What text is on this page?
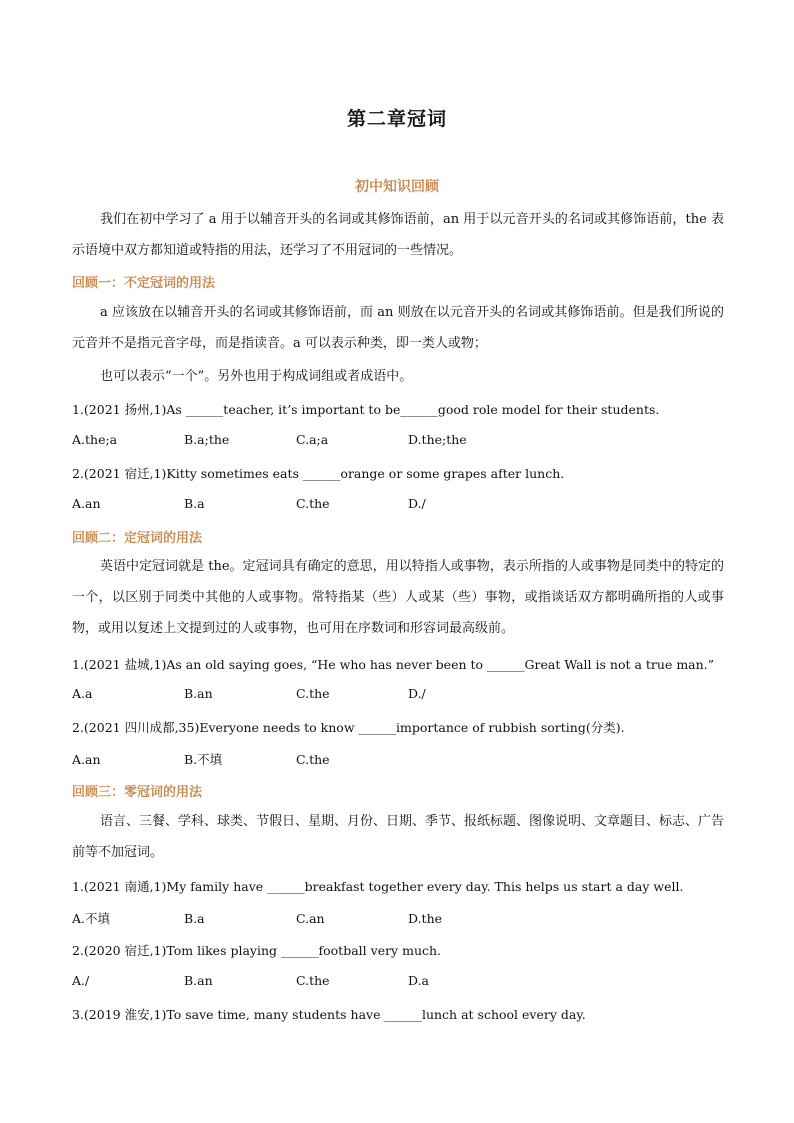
第二章冠词
初中知识回顾
我们在初中学习了 a 用于以辅音开头的名词或其修饰语前，an 用于以元音开头的名词或其修饰语前，the 表示语境中双方都知道或特指的用法，还学习了不用冠词的一些情况。
回顾一：不定冠词的用法
a 应该放在以辅音开头的名词或其修饰语前，而 an 则放在以元音开头的名词或其修饰语前。但是我们所说的元音并不是指元音字母，而是指读音。a 可以表示种类，即一类人或物；
也可以表示“一个”。另外也用于构成词组或者成语中。
1.(2021 扬州,1)As ______teacher, it’s important to be______good role model for their students.
A.the;a	B.a;the	C.a;a	D.the;the
2.(2021 宿迁,1)Kitty sometimes eats ______orange or some grapes after lunch.
A.an	B.a	C.the	D./
回顾二：定冠词的用法
英语中定冠词就是 the。定冠词具有确定的意思，用以特指人或事物，表示所指的人或事物是同类中的特定的一个，以区别于同类中其他的人或事物。常特指某（些）人或某（些）事物，或指谈话双方都明确所指的人或事物，或用以复述上文提到过的人或事物，也可用在序数词和形容词最高级前。
1.(2021 盐城,1)As an old saying goes, “He who has never been to ______Great Wall is not a true man.”
A.a	B.an	C.the	D./
2.(2021 四川成都,35)Everyone needs to know ______importance of rubbish sorting(分类).
A.an	B.不填	C.the
回顾三：零冠词的用法
语言、三餐、学科、球类、节假日、星期、月份、日期、季节、报纸标题、图像说明、文章题目、标志、广告前等不加冠词。
1.(2021 南通,1)My family have ______breakfast together every day. This helps us start a day well.
A.不填	B.a	C.an	D.the
2.(2020 宿迁,1)Tom likes playing ______football very much.
A./	B.an	C.the	D.a
3.(2019 淮安,1)To save time, many students have ______lunch at school every day.
